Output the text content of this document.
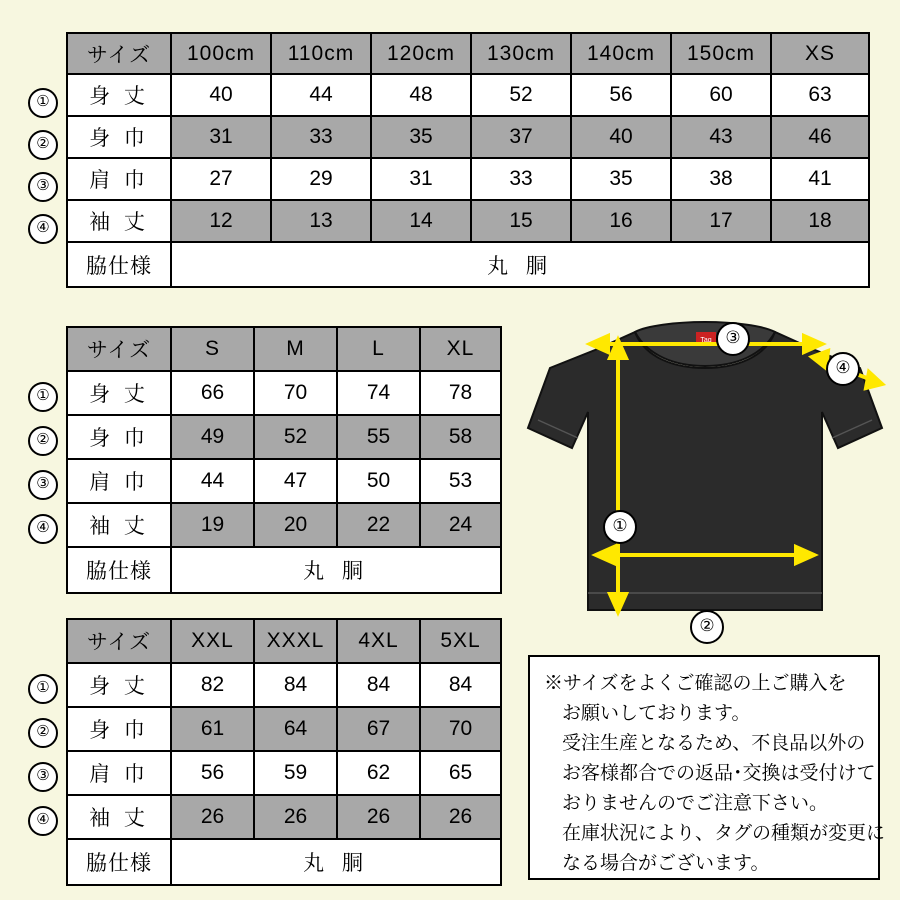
サイズ	100cm	110cm	120cm	130cm	140cm	150cm	XS
身 丈	40	44	48	52	56	60	63
身 巾	31	33	35	37	40	43	46
肩 巾	27	29	31	33	35	38	41
袖 丈	12	13	14	15	16	17	18
脇仕様	丸 胴						
①
②
③
④
サイズ	S	M	L	XL
身 丈	66	70	74	78
身 巾	49	52	55	58
肩 巾	44	47	50	53
袖 丈	19	20	22	24
脇仕様	丸 胴			
①
②
③
④
サイズ	XXL	XXXL	4XL	5XL
身 丈	82	84	84	84
身 巾	61	64	67	70
肩 巾	56	59	62	65
袖 丈	26	26	26	26
脇仕様	丸 胴			
①
②
③
④
Tag ③
④
①
②
※サイズをよくご確認の上ご購入を
お願いしております。
受注生産となるため、不良品以外の
お客様都合での返品･交換は受付けて
おりませんのでご注意下さい。
在庫状況により、タグの種類が変更に
なる場合がございます。
